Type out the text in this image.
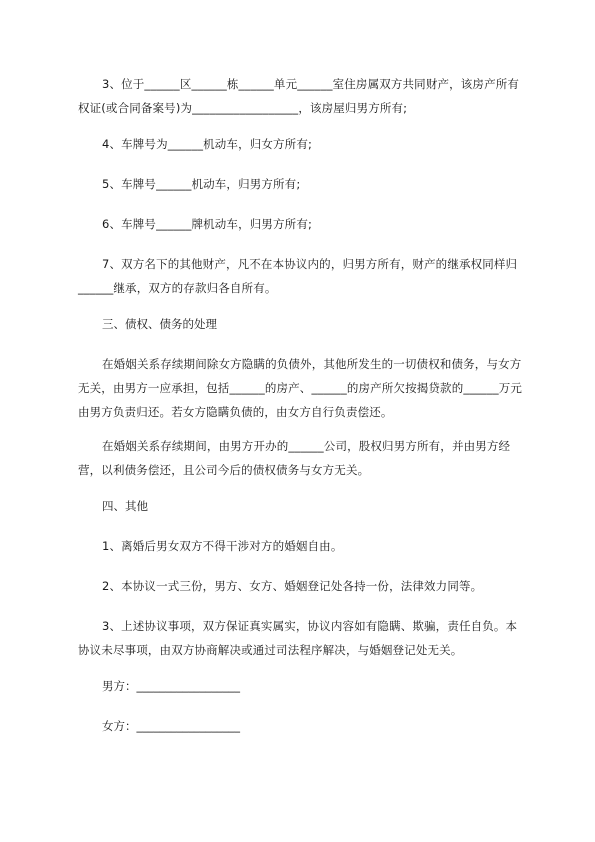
3、位于______区______栋______单元______室住房属双方共同财产，该房产所有权证(或合同备案号)为__________________，该房屋归男方所有;

4、车牌号为______机动车，归女方所有;

5、车牌号______机动车，归男方所有;

6、车牌号______牌机动车，归男方所有;

7、双方名下的其他财产，凡不在本协议内的，归男方所有，财产的继承权同样归______继承，双方的存款归各自所有。

三、债权、债务的处理

在婚姻关系存续期间除女方隐瞒的负债外，其他所发生的一切债权和债务，与女方无关，由男方一应承担，包括______的房产、______的房产所欠按揭贷款的______万元由男方负责归还。若女方隐瞒负债的，由女方自行负责偿还。

在婚姻关系存续期间，由男方开办的______公司，股权归男方所有，并由男方经营，以利债务偿还，且公司今后的债权债务与女方无关。

四、其他

1、离婚后男女双方不得干涉对方的婚姻自由。

2、本协议一式三份，男方、女方、婚姻登记处各持一份，法律效力同等。

3、上述协议事项，双方保证真实属实，协议内容如有隐瞒、欺骗，责任自负。本协议未尽事项，由双方协商解决或通过司法程序解决，与婚姻登记处无关。

男方：__________________

女方：__________________
